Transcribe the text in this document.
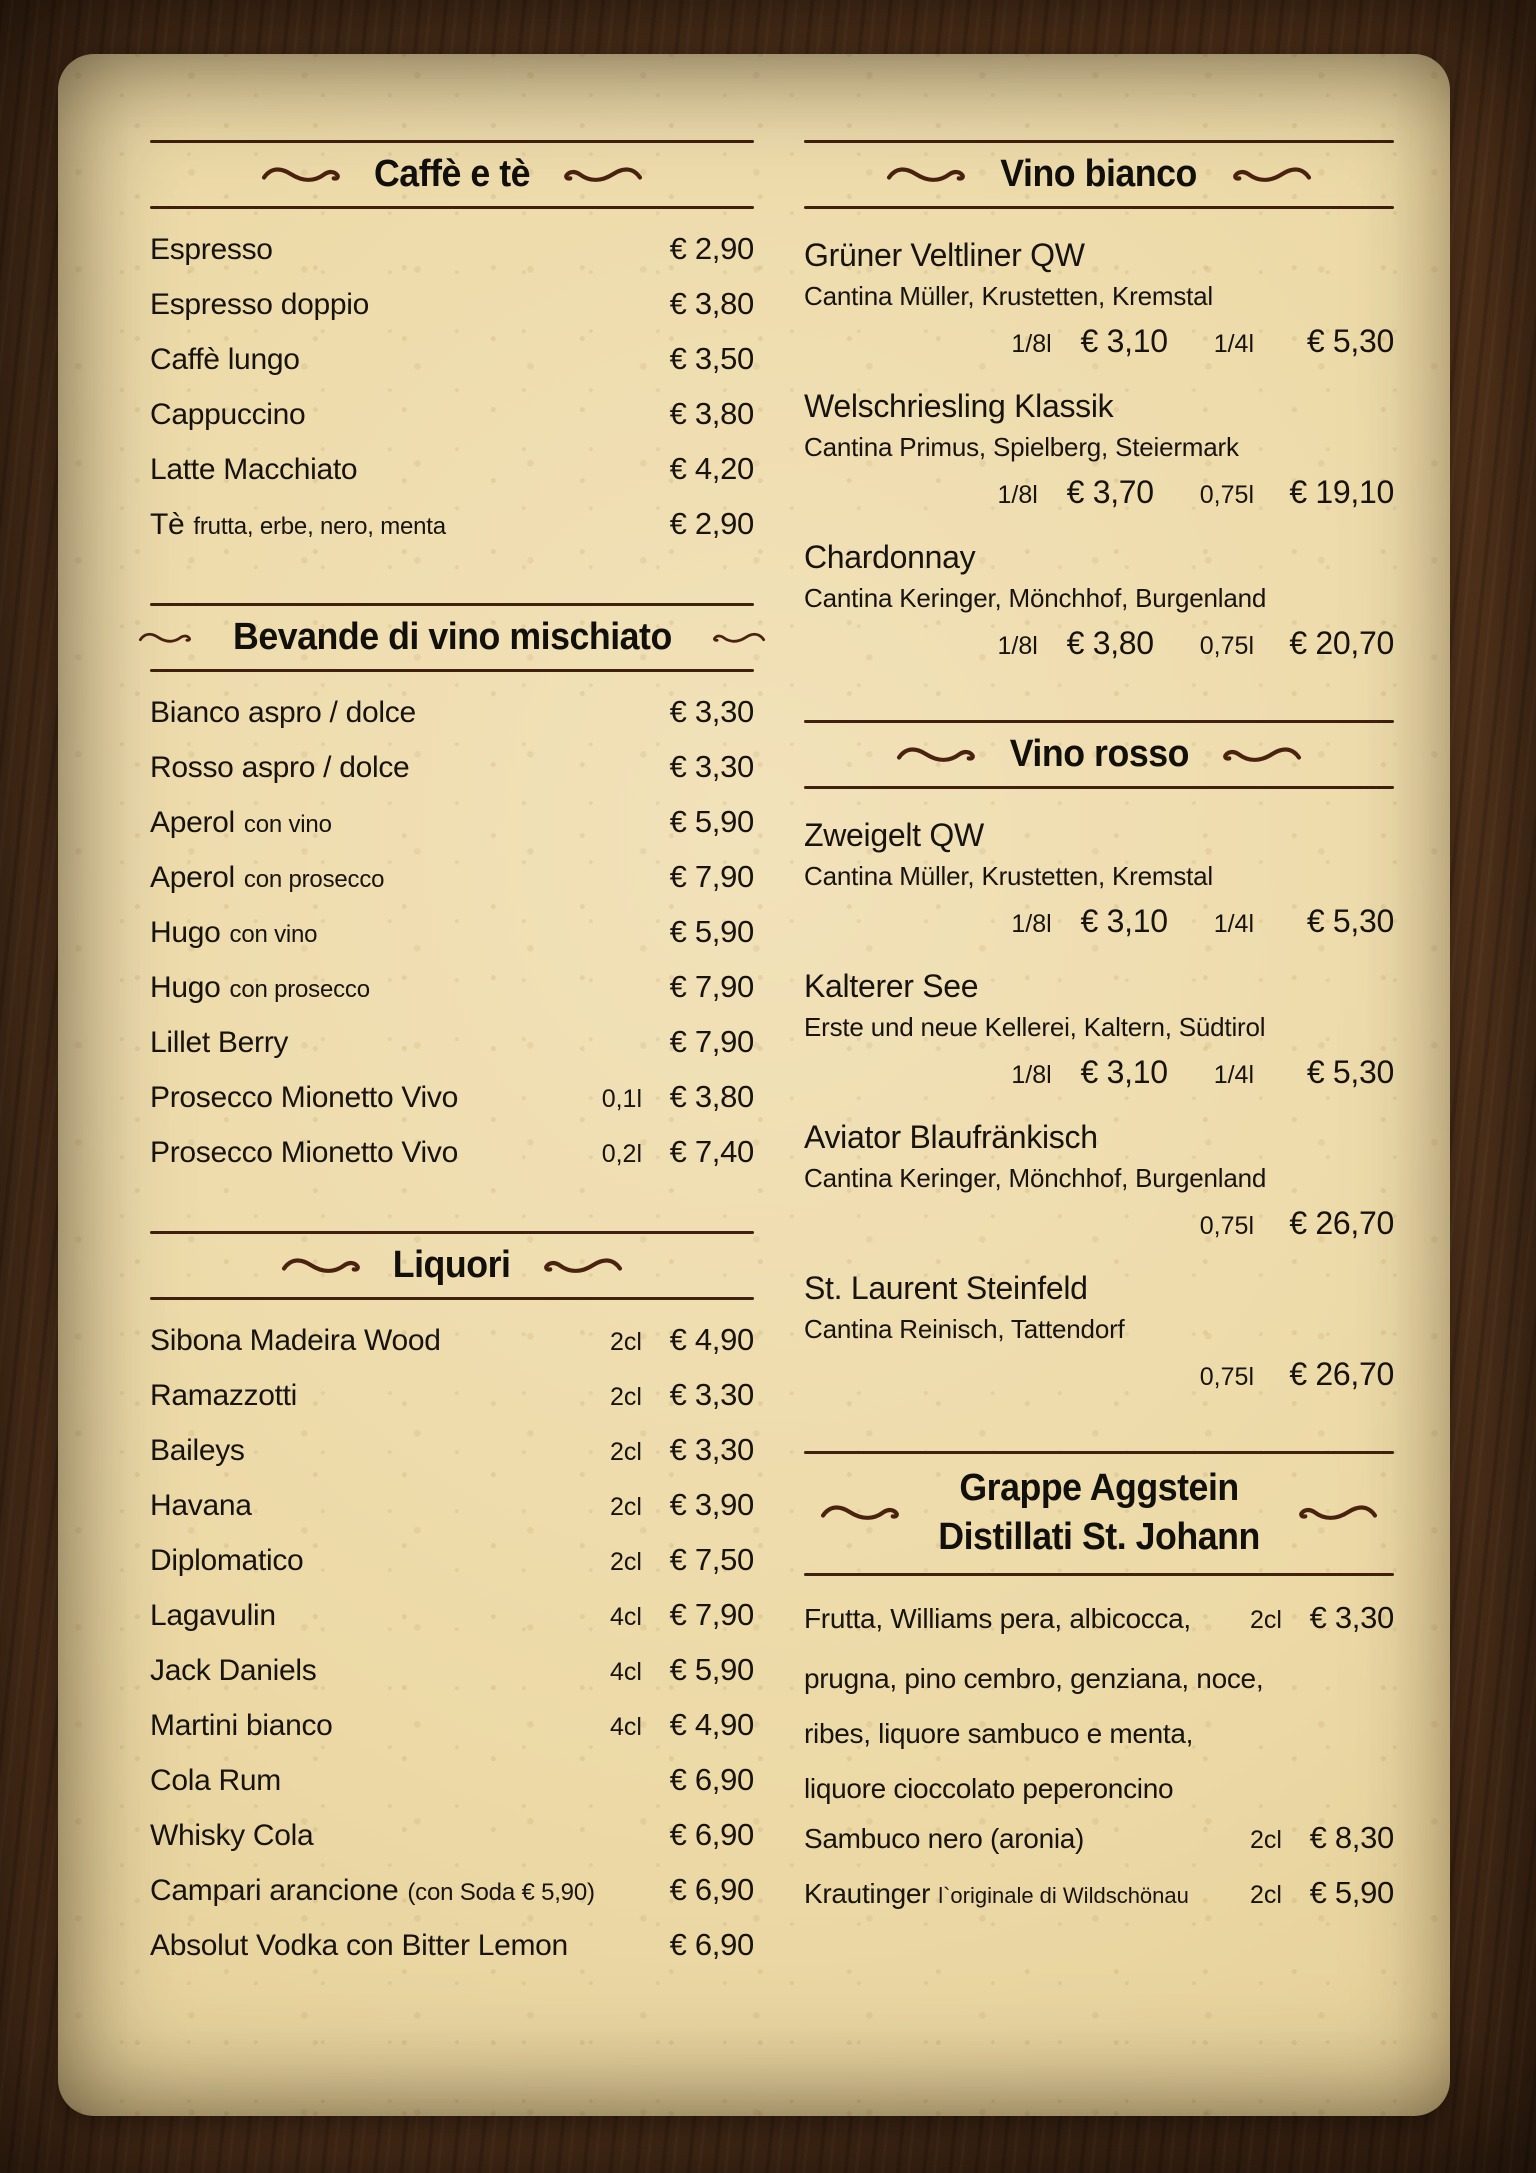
Caffè e tè
Espresso	€ 2,90
Espresso doppio	€ 3,80
Caffè lungo	€ 3,50
Cappuccino	€ 3,80
Latte Macchiato	€ 4,20
Tè frutta, erbe, nero, menta	€ 2,90
Bevande di vino mischiato
Bianco aspro / dolce	€ 3,30
Rosso aspro / dolce	€ 3,30
Aperol con vino	€ 5,90
Aperol con prosecco	€ 7,90
Hugo con vino	€ 5,90
Hugo con prosecco	€ 7,90
Lillet Berry	€ 7,90
Prosecco Mionetto Vivo	0,1l € 3,80
Prosecco Mionetto Vivo	0,2l € 7,40
Liquori
Sibona Madeira Wood	2cl € 4,90
Ramazzotti	2cl € 3,30
Baileys	2cl € 3,30
Havana	2cl € 3,90
Diplomatico	2cl € 7,50
Lagavulin	4cl € 7,90
Jack Daniels	4cl € 5,90
Martini bianco	4cl € 4,90
Cola Rum	€ 6,90
Whisky Cola	€ 6,90
Campari arancione (con Soda € 5,90)	€ 6,90
Absolut Vodka con Bitter Lemon	€ 6,90
Vino bianco
Grüner Veltliner QW
Cantina Müller, Krustetten, Kremstal
1/8l € 3,10 1/4l	€ 5,30
Welschriesling Klassik
Cantina Primus, Spielberg, Steiermark
1/8l € 3,70 0,75l	€ 19,10
Chardonnay
Cantina Keringer, Mönchhof, Burgenland
1/8l € 3,80 0,75l	€ 20,70
Vino rosso
Zweigelt QW
Cantina Müller, Krustetten, Kremstal
1/8l € 3,10 1/4l	€ 5,30
Kalterer See
Erste und neue Kellerei, Kaltern, Südtirol
1/8l € 3,10 1/4l	€ 5,30
Aviator Blaufränkisch
Cantina Keringer, Mönchhof, Burgenland
0,75l	€ 26,70
St. Laurent Steinfeld
Cantina Reinisch, Tattendorf
0,75l	€ 26,70
Grappe Aggstein
Distillati St. Johann
Frutta, Williams pera, albicocca,	2cl € 3,30
prugna, pino cembro, genziana, noce,
ribes, liquore sambuco e menta,
liquore cioccolato peperoncino
Sambuco nero (aronia)	2cl € 8,30
Krautinger l`originale di Wildschönau	2cl € 5,90
